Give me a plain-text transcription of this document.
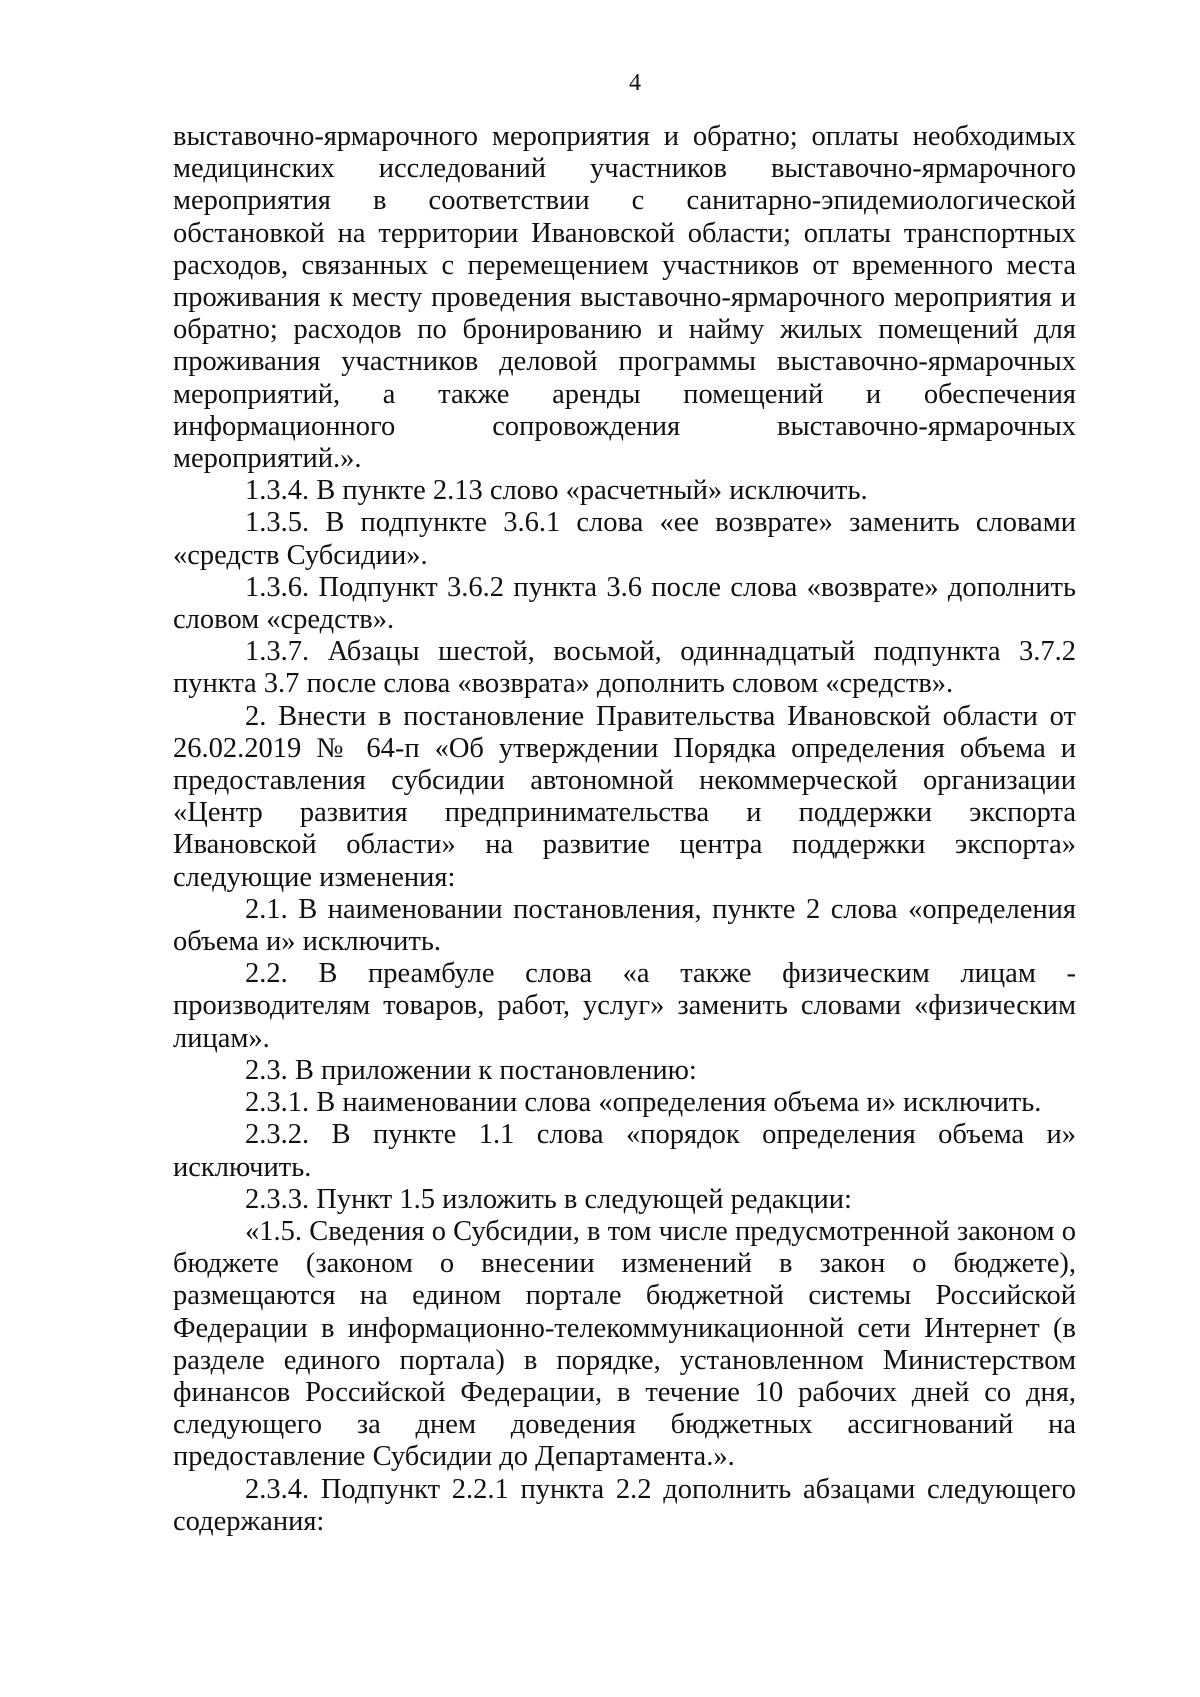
4

выставочно-ярмарочного мероприятия и обратно; оплаты необходимых медицинских исследований участников выставочно-ярмарочного мероприятия в соответствии с санитарно-эпидемиологической обстановкой на территории Ивановской области; оплаты транспортных расходов, связанных с перемещением участников от временного места проживания к месту проведения выставочно-ярмарочного мероприятия и обратно; расходов по бронированию и найму жилых помещений для проживания участников деловой программы выставочно-ярмарочных мероприятий, а также аренды помещений и обеспечения информационного сопровождения выставочно-ярмарочных мероприятий.».

1.3.4. В пункте 2.13 слово «расчетный» исключить.

1.3.5. В подпункте 3.6.1 слова «ее возврате» заменить словами «средств Субсидии».

1.3.6. Подпункт 3.6.2 пункта 3.6 после слова «возврате» дополнить словом «средств».

1.3.7. Абзацы шестой, восьмой, одиннадцатый подпункта 3.7.2 пункта 3.7 после слова «возврата» дополнить словом «средств».

2. Внести в постановление Правительства Ивановской области от 26.02.2019 № 64-п «Об утверждении Порядка определения объема и предоставления субсидии автономной некоммерческой организации «Центр развития предпринимательства и поддержки экспорта Ивановской области» на развитие центра поддержки экспорта» следующие изменения:

2.1. В наименовании постановления, пункте 2 слова «определения объема и» исключить.

2.2. В преамбуле слова «а также физическим лицам - производителям товаров, работ, услуг» заменить словами «физическим лицам».

2.3. В приложении к постановлению:

2.3.1. В наименовании слова «определения объема и» исключить.

2.3.2. В пункте 1.1 слова «порядок определения объема и» исключить.

2.3.3. Пункт 1.5 изложить в следующей редакции:

«1.5. Сведения о Субсидии, в том числе предусмотренной законом о бюджете (законом о внесении изменений в закон о бюджете), размещаются на едином портале бюджетной системы Российской Федерации в информационно-телекоммуникационной сети Интернет (в разделе единого портала) в порядке, установленном Министерством финансов Российской Федерации, в течение 10 рабочих дней со дня, следующего за днем доведения бюджетных ассигнований на предоставление Субсидии до Департамента.».

2.3.4. Подпункт 2.2.1 пункта 2.2 дополнить абзацами следующего содержания:
